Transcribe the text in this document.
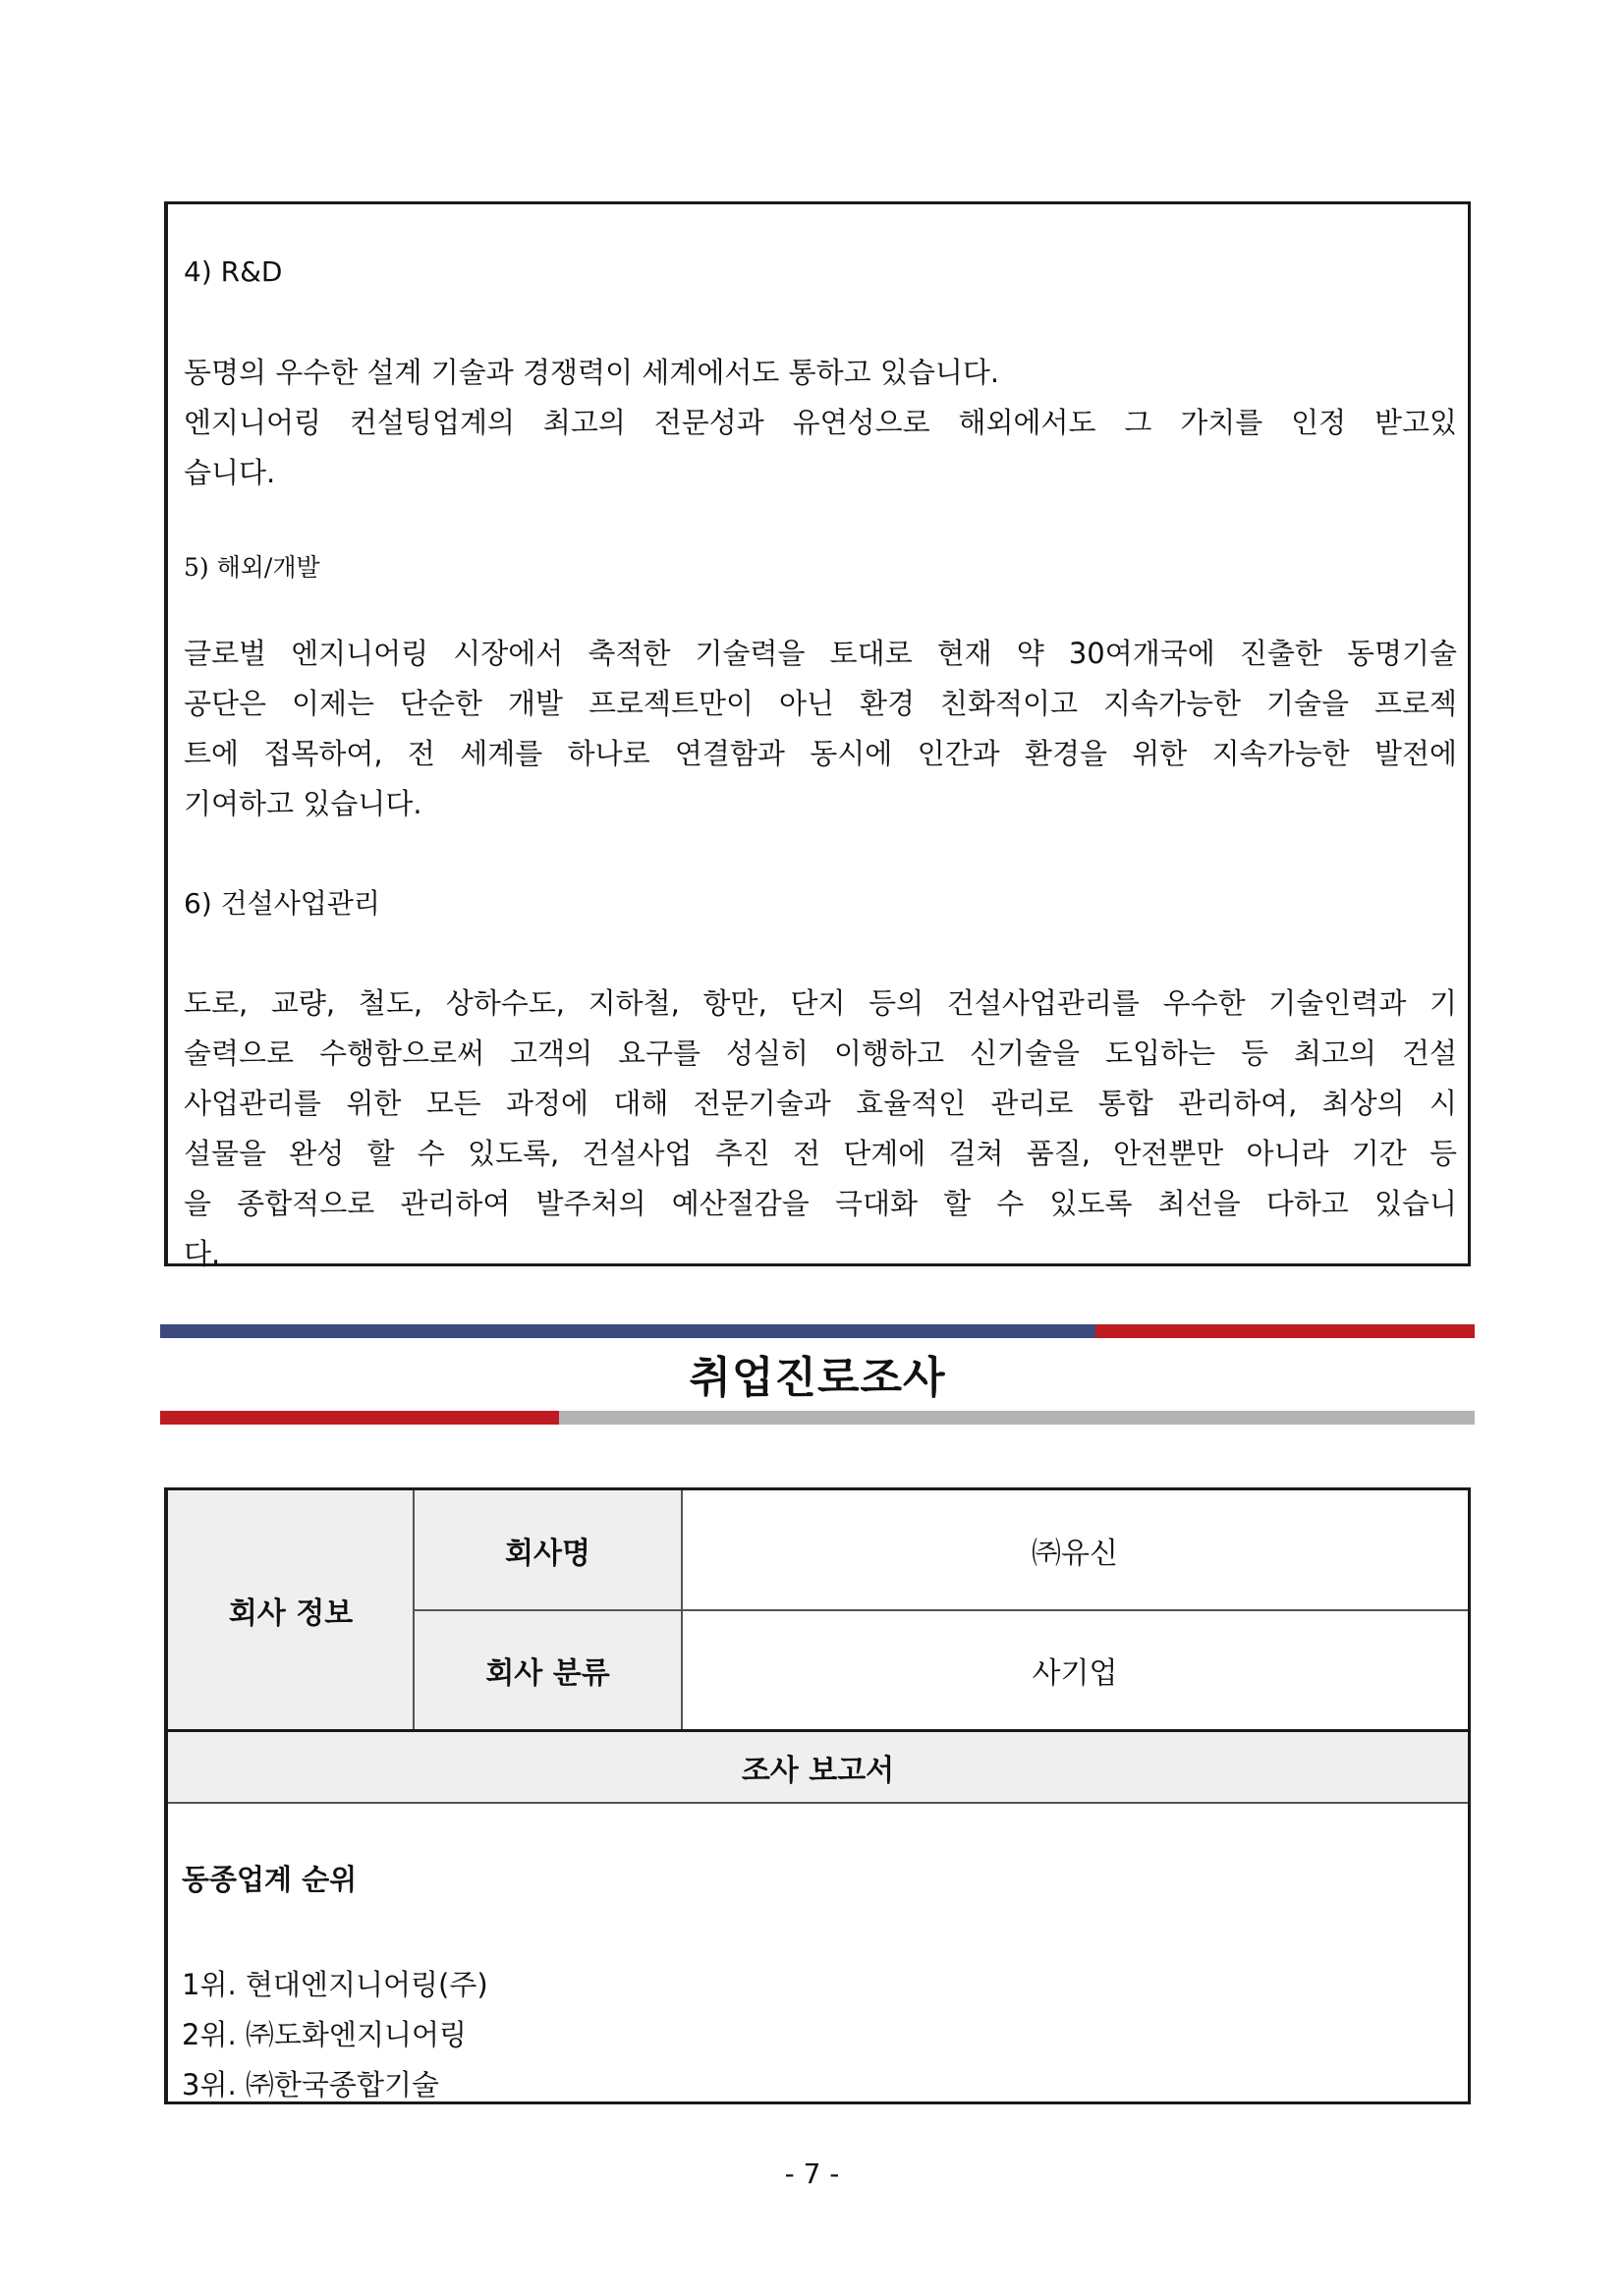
4) R&D
동명의 우수한 설계 기술과 경쟁력이 세계에서도 통하고 있습니다.
엔지니어링 컨설팅업계의 최고의 전문성과 유연성으로 해외에서도 그 가치를 인정 받고있
습니다.
5) 해외/개발
글로벌 엔지니어링 시장에서 축적한 기술력을 토대로 현재 약 30여개국에 진출한 동명기술
공단은 이제는 단순한 개발 프로젝트만이 아닌 환경 친화적이고 지속가능한 기술을 프로젝
트에 접목하여, 전 세계를 하나로 연결함과 동시에 인간과 환경을 위한 지속가능한 발전에
기여하고 있습니다.
6) 건설사업관리
도로, 교량, 철도, 상하수도, 지하철, 항만, 단지 등의 건설사업관리를 우수한 기술인력과 기
술력으로 수행함으로써 고객의 요구를 성실히 이행하고 신기술을 도입하는 등 최고의 건설
사업관리를 위한 모든 과정에 대해 전문기술과 효율적인 관리로 통합 관리하여, 최상의 시
설물을 완성 할 수 있도록, 건설사업 추진 전 단계에 걸쳐 품질, 안전뿐만 아니라 기간 등
을 종합적으로 관리하여 발주처의 예산절감을 극대화 할 수 있도록 최선을 다하고 있습니
다.
취업진로조사
회사 정보
회사명
회사 분류
㈜유신
사기업
조사 보고서
동종업계 순위
1위. 현대엔지니어링(주)
2위. ㈜도화엔지니어링
3위. ㈜한국종합기술
- 7 -
